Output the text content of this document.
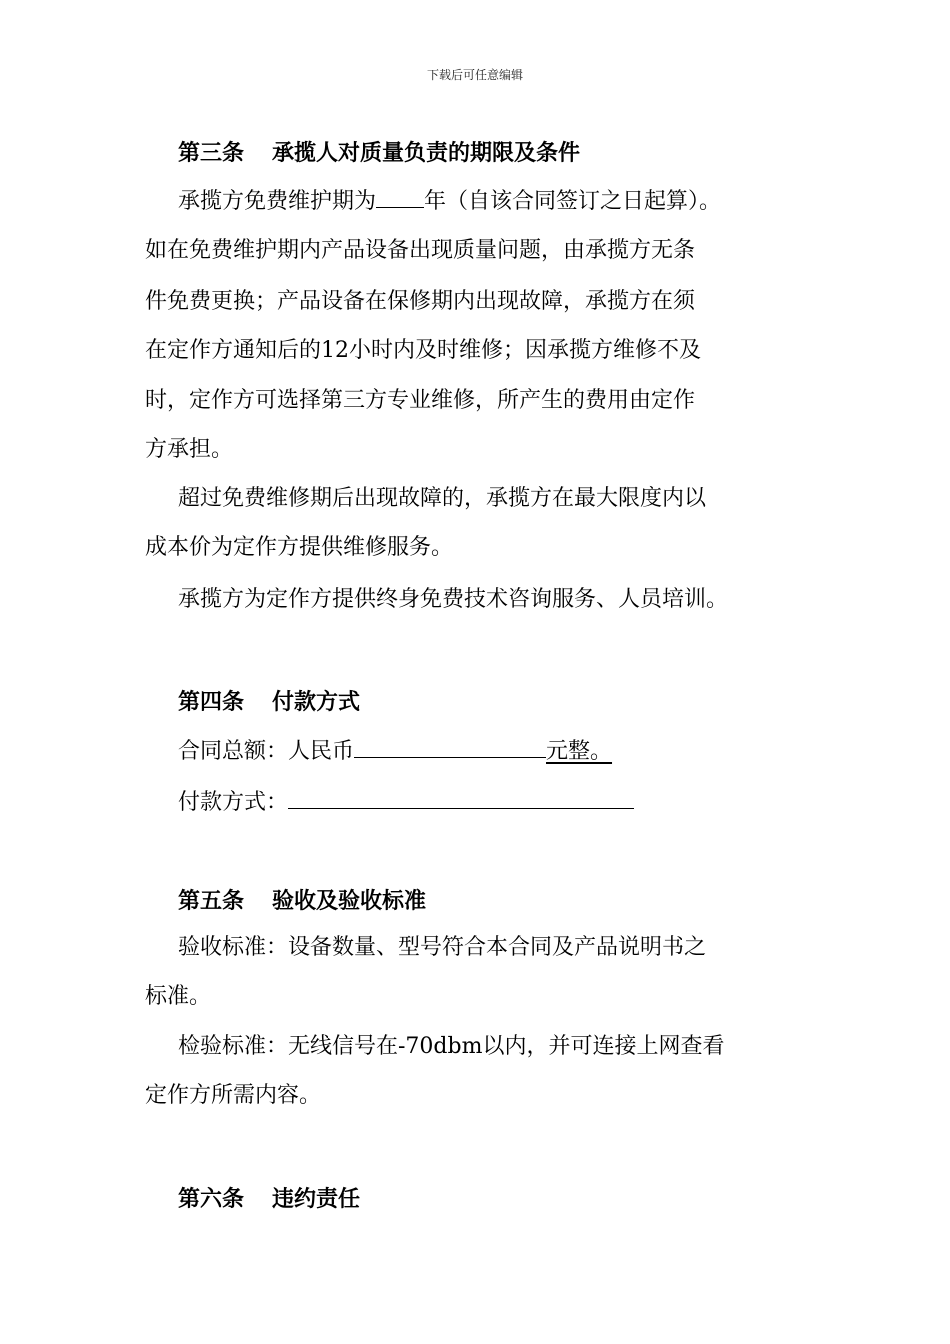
下载后可任意编辑
第三条 承揽人对质量负责的期限及条件
承揽方免费维护期为 年（自该合同签订之日起算）。
如在免费维护期内产品设备出现质量问题，由承揽方无条
件免费更换；产品设备在保修期内出现故障，承揽方在须
在定作方通知后的12小时内及时维修；因承揽方维修不及
时，定作方可选择第三方专业维修，所产生的费用由定作
方承担。
超过免费维修期后出现故障的，承揽方在最大限度内以
成本价为定作方提供维修服务。
承揽方为定作方提供终身免费技术咨询服务、人员培训。
第四条 付款方式
合同总额：人民币	元整。
付款方式：
第五条 验收及验收标准
验收标准：设备数量、型号符合本合同及产品说明书之
标准。
检验标准：无线信号在-70dbm以内，并可连接上网查看
定作方所需内容。
第六条 违约责任
